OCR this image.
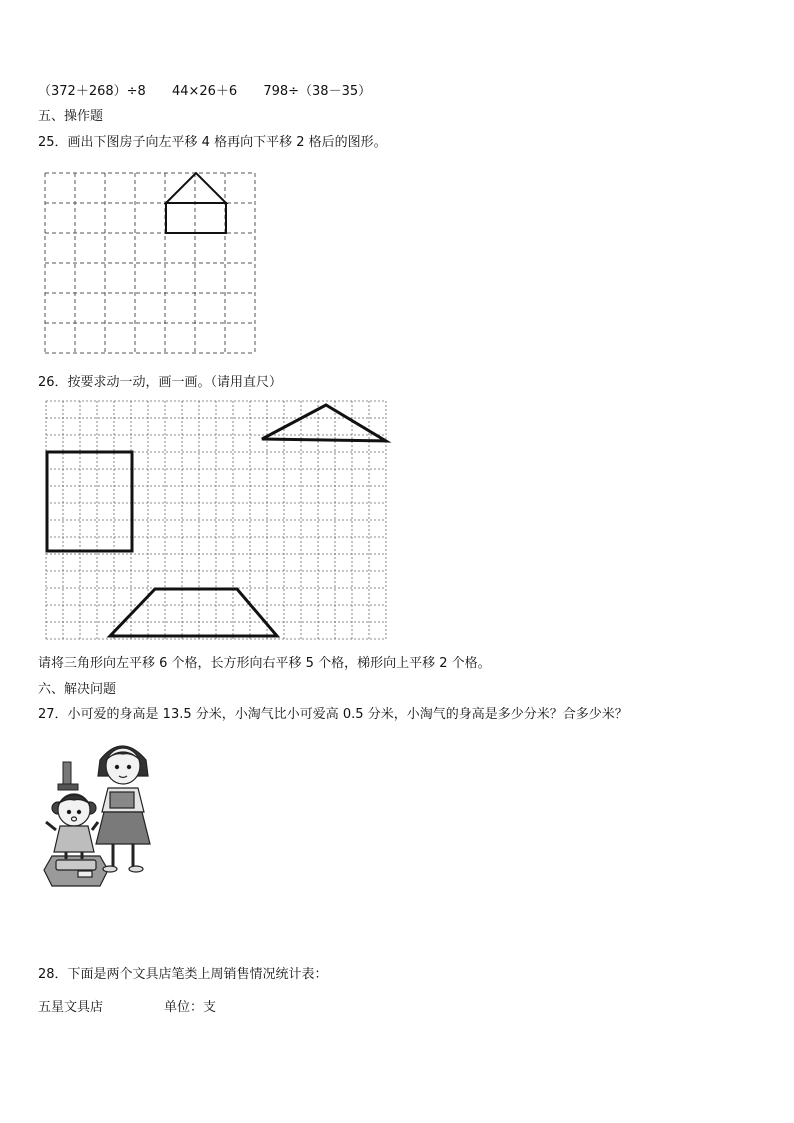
（372＋268）÷8 44×26＋6 798÷（38－35）
五、操作题
25．画出下图房子向左平移 4 格再向下平移 2 格后的图形。
26．按要求动一动，画一画。（请用直尺）
请将三角形向左平移 6 个格，长方形向右平移 5 个格，梯形向上平移 2 个格。
六、解决问题
27．小可爱的身高是 13.5 分米，小淘气比小可爱高 0.5 分米，小淘气的身高是多少分米？合多少米？
28．下面是两个文具店笔类上周销售情况统计表：
五星文具店	单位：支
